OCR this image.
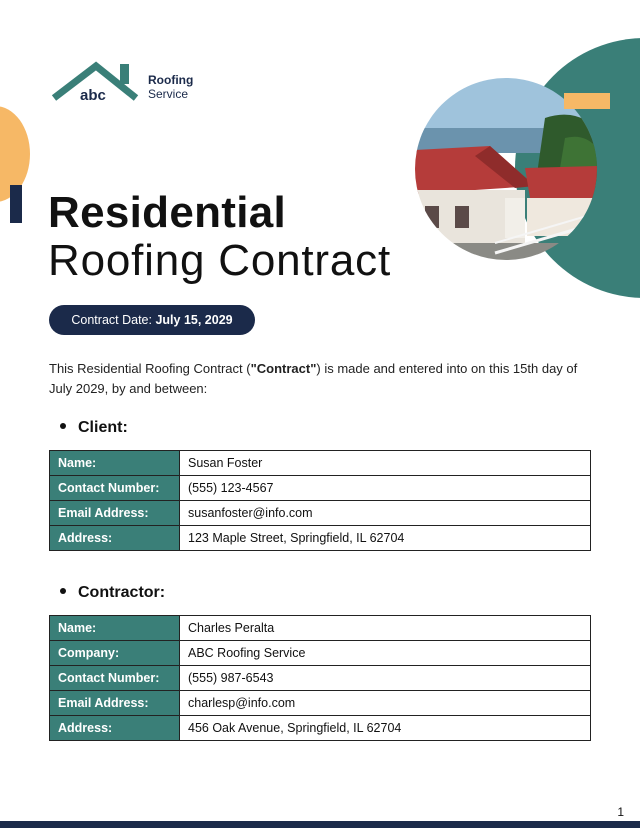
abc
Roofing
Service
Residential
Roofing Contract
Contract Date: July 15, 2029
This Residential Roofing Contract ("Contract") is made and entered into on this 15th day of July 2029, by and between:
Client:
Name:	Susan Foster
Contact Number:	(555) 123-4567
Email Address:	susanfoster@info.com
Address:	123 Maple Street, Springfield, IL 62704
Contractor:
Name:	Charles Peralta
Company:	ABC Roofing Service
Contact Number:	(555) 987-6543
Email Address:	charlesp@info.com
Address:	456 Oak Avenue, Springfield, IL 62704
1
